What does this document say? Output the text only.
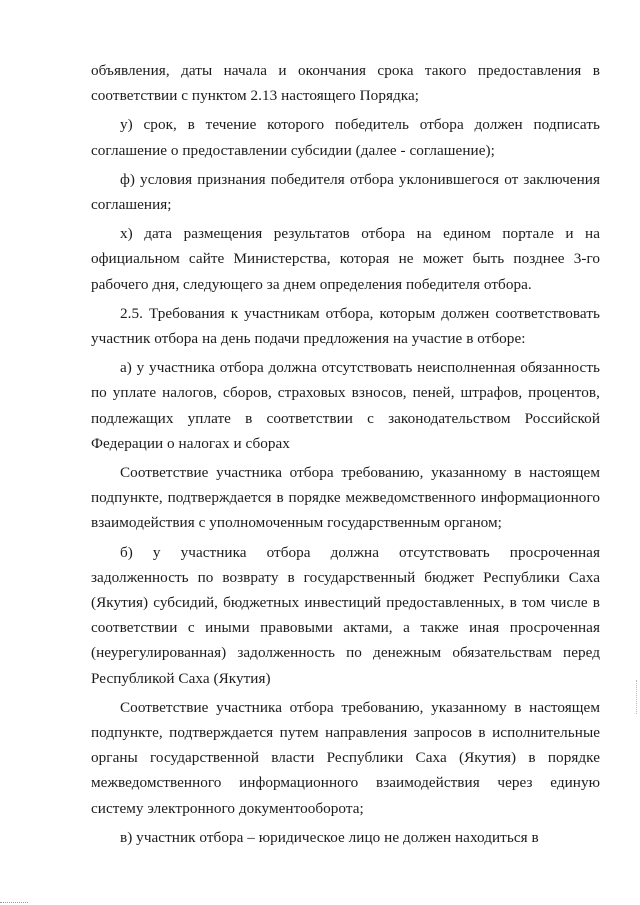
объявления, даты начала и окончания срока такого предоставления в соответствии с пунктом 2.13 настоящего Порядка;

у) срок, в течение которого победитель отбора должен подписать соглашение о предоставлении субсидии (далее - соглашение);

ф) условия признания победителя отбора уклонившегося от заключения соглашения;

х) дата размещения результатов отбора на едином портале и на официальном сайте Министерства, которая не может быть позднее 3-го рабочего дня, следующего за днем определения победителя отбора.

2.5. Требования к участникам отбора, которым должен соответствовать участник отбора на день подачи предложения на участие в отборе:

а) у участника отбора должна отсутствовать неисполненная обязанность по уплате налогов, сборов, страховых взносов, пеней, штрафов, процентов, подлежащих уплате в соответствии с законодательством Российской Федерации о налогах и сборах

Соответствие участника отбора требованию, указанному в настоящем подпункте, подтверждается в порядке межведомственного информационного взаимодействия с уполномоченным государственным органом;

б) у участника отбора должна отсутствовать просроченная задолженность по возврату в государственный бюджет Республики Саха (Якутия) субсидий, бюджетных инвестиций предоставленных, в том числе в соответствии с иными правовыми актами, а также иная просроченная (неурегулированная) задолженность по денежным обязательствам перед Республикой Саха (Якутия)

Соответствие участника отбора требованию, указанному в настоящем подпункте, подтверждается путем направления запросов в исполнительные органы государственной власти Республики Саха (Якутия) в порядке межведомственного информационного взаимодействия через единую систему электронного документооборота;

в) участник отбора – юридическое лицо не должен находиться в
